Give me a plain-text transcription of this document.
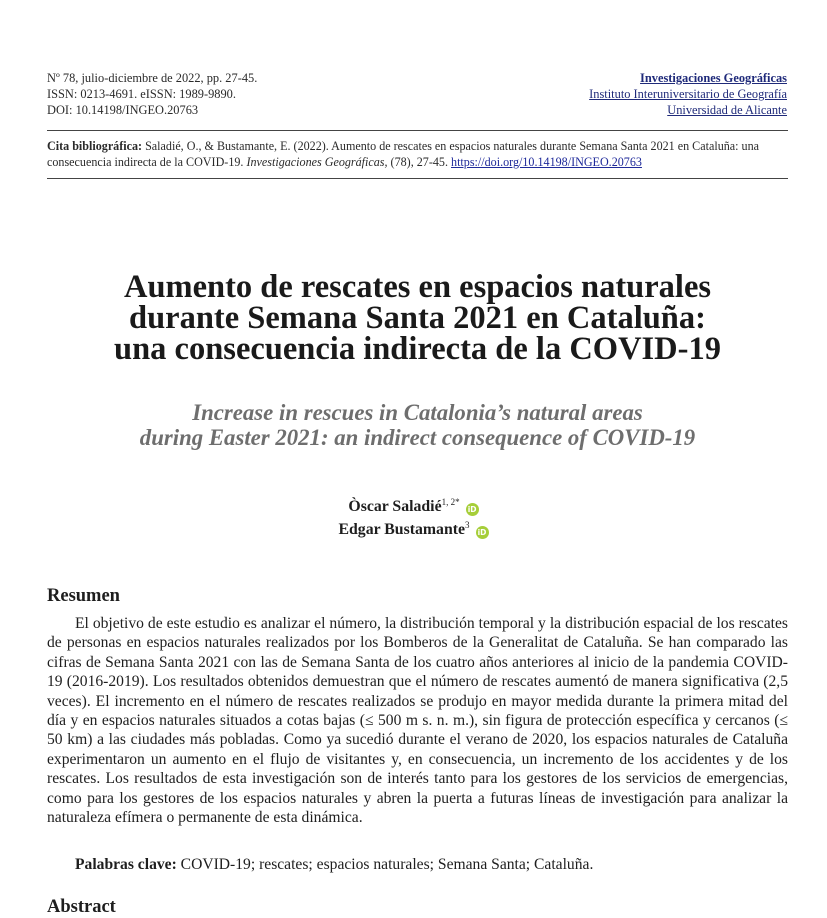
Nº 78, julio-diciembre de 2022, pp. 27-45.
ISSN: 0213-4691. eISSN: 1989-9890.
DOI: 10.14198/INGEO.20763
Investigaciones Geográficas
Instituto Interuniversitario de Geografía
Universidad de Alicante
Cita bibliográfica: Saladié, O., & Bustamante, E. (2022). Aumento de rescates en espacios naturales durante Semana Santa 2021 en Cataluña: una consecuencia indirecta de la COVID-19. Investigaciones Geográficas, (78), 27-45. https://doi.org/10.14198/INGEO.20763
Aumento de rescates en espacios naturales
durante Semana Santa 2021 en Cataluña:
una consecuencia indirecta de la COVID-19
Increase in rescues in Catalonia’s natural areas
during Easter 2021: an indirect consequence of COVID-19
Òscar Saladié$^{1, 2*}$iD
Edgar Bustamante$^3$iD
Resumen

El objetivo de este estudio es analizar el número, la distribución temporal y la distribución espacial de los rescates de personas en espacios naturales realizados por los Bomberos de la Generalitat de Cataluña. Se han comparado las cifras de Semana Santa 2021 con las de Semana Santa de los cuatro años anteriores al inicio de la pandemia COVID-19 (2016-2019). Los resultados obtenidos demuestran que el número de rescates aumentó de manera significativa (2,5 veces). El incremento en el número de rescates realizados se produjo en mayor medida durante la primera mitad del día y en espacios naturales situados a cotas bajas (≤ 500 m s. n. m.), sin figura de protección específica y cercanos (≤ 50 km) a las ciudades más pobladas. Como ya sucedió durante el verano de 2020, los espacios naturales de Cataluña experimentaron un aumento en el flujo de visitantes y, en consecuencia, un incremento de los accidentes y de los rescates. Los resultados de esta investigación son de interés tanto para los gestores de los servicios de emergencias, como para los gestores de los espacios naturales y abren la puerta a futuras líneas de investigación para analizar la naturaleza efímera o permanente de esta dinámica.

Palabras clave: COVID-19; rescates; espacios naturales; Semana Santa; Cataluña.
Abstract
